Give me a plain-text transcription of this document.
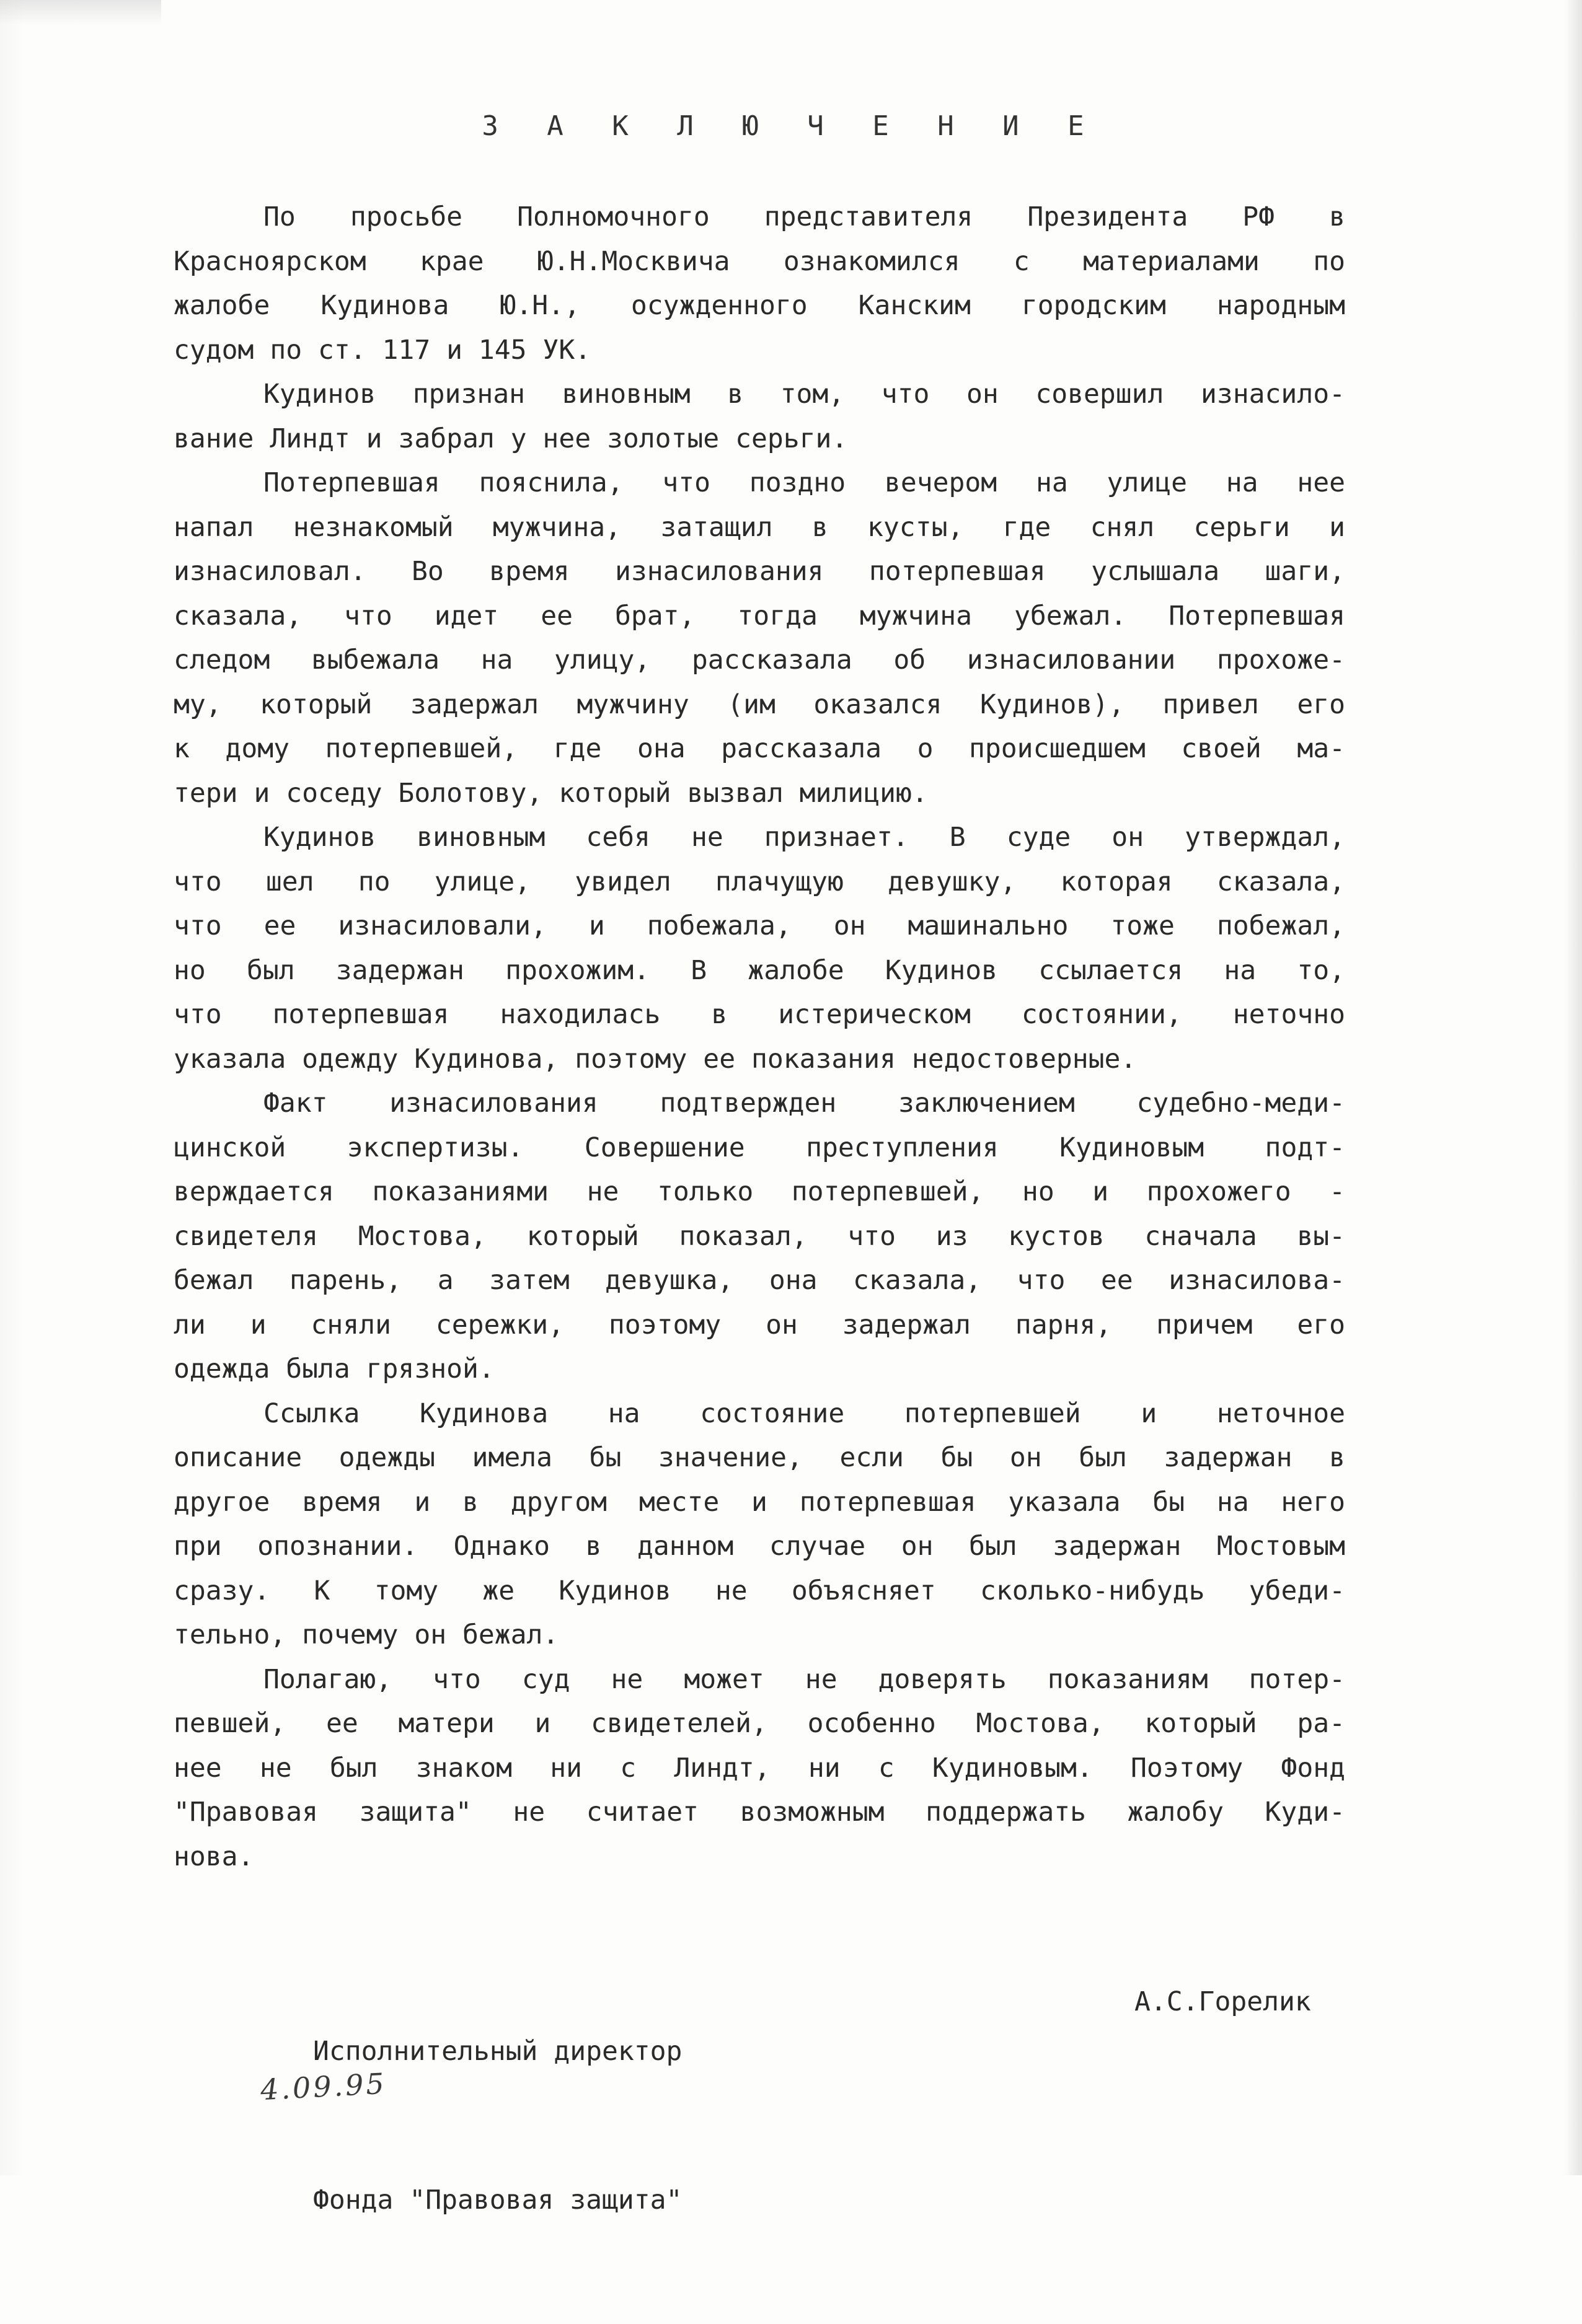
З А К Л Ю Ч Е Н И Е
По просьбе Полномочного представителя Президента РФ в
Красноярском крае Ю.Н.Москвича ознакомился с материалами по
жалобе Кудинова Ю.Н., осужденного Канским городским народным
судом по ст. 117 и 145 УК.
Кудинов признан виновным в том, что он совершил изнасило-
вание Линдт и забрал у нее золотые серьги.
Потерпевшая пояснила, что поздно вечером на улице на нее
напал незнакомый мужчина, затащил в кусты, где снял серьги и
изнасиловал. Во время изнасилования потерпевшая услышала шаги,
сказала, что идет ее брат, тогда мужчина убежал. Потерпевшая
следом выбежала на улицу, рассказала об изнасиловании прохоже-
му, который задержал мужчину (им оказался Кудинов), привел его
к дому потерпевшей, где она рассказала о происшедшем своей ма-
тери и соседу Болотову, который вызвал милицию.
Кудинов виновным себя не признает. В суде он утверждал,
что шел по улице, увидел плачущую девушку, которая сказала,
что ее изнасиловали, и побежала, он машинально тоже побежал,
но был задержан прохожим. В жалобе Кудинов ссылается на то,
что потерпевшая находилась в истерическом состоянии, неточно
указала одежду Кудинова, поэтому ее показания недостоверные.
Факт изнасилования подтвержден заключением судебно-меди-
цинской экспертизы. Совершение преступления Кудиновым подт-
верждается показаниями не только потерпевшей, но и прохожего -
свидетеля Мостова, который показал, что из кустов сначала вы-
бежал парень, а затем девушка, она сказала, что ее изнасилова-
ли и сняли сережки, поэтому он задержал парня, причем его
одежда была грязной.
Ссылка Кудинова на состояние потерпевшей и неточное
описание одежды имела бы значение, если бы он был задержан в
другое время и в другом месте и потерпевшая указала бы на него
при опознании. Однако в данном случае он был задержан Мостовым
сразу. К тому же Кудинов не объясняет сколько-нибудь убеди-
тельно, почему он бежал.
Полагаю, что суд не может не доверять показаниям потер-
певшей, ее матери и свидетелей, особенно Мостова, который ра-
нее не был знаком ни с Линдт, ни с Кудиновым. Поэтому Фонд
"Правовая защита" не считает возможным поддержать жалобу Куди-
нова.

Исполнительный директор

Фонда "Правовая защита"

А.С.Горелик
4.09.95
